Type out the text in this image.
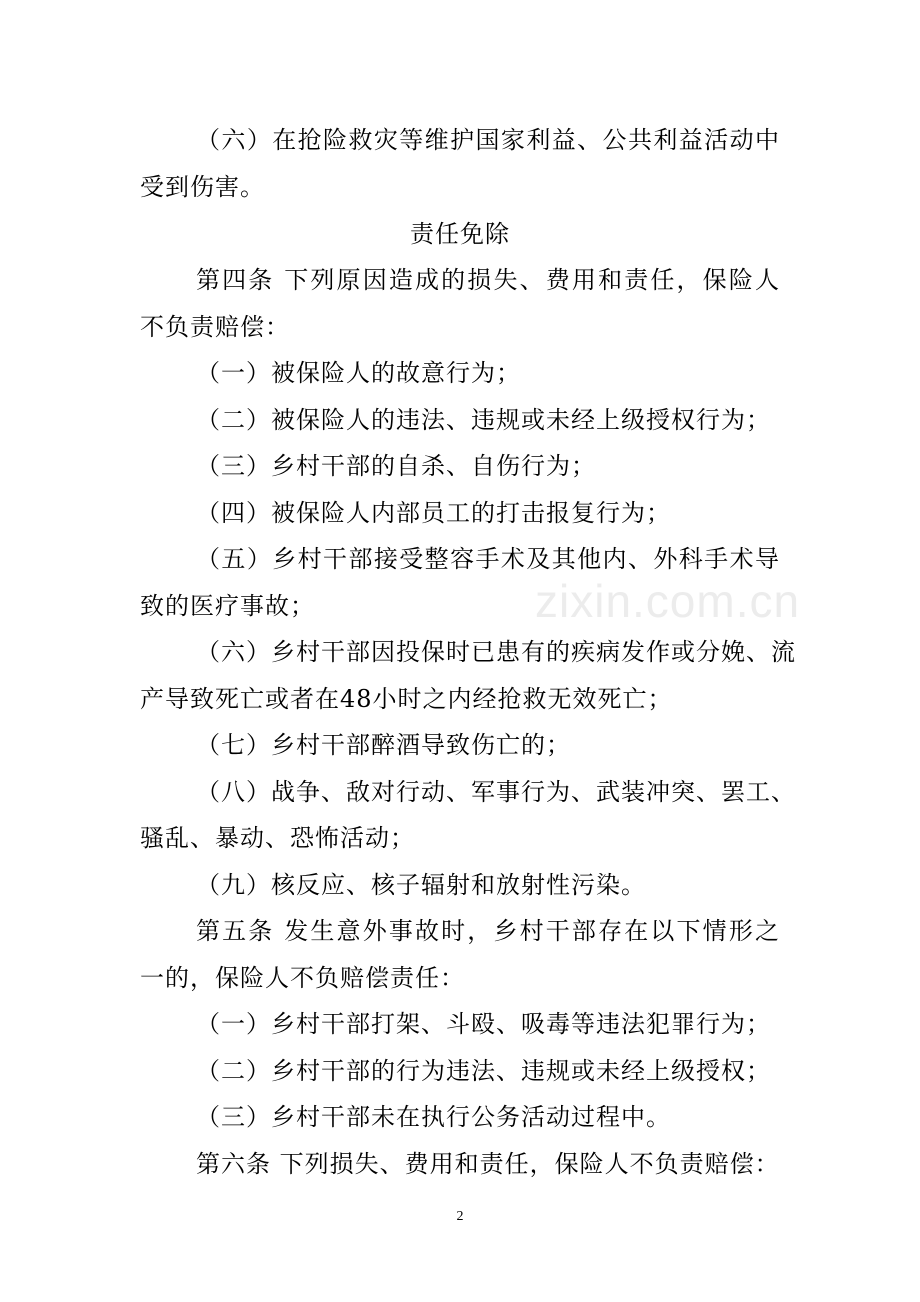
zixin.com.cn
（六）在抢险救灾等维护国家利益、公共利益活动中
受到伤害。
责任免除
第四条 下列原因造成的损失、费用和责任，保险人
不负责赔偿：
（一）被保险人的故意行为；
（二）被保险人的违法、违规或未经上级授权行为；
（三）乡村干部的自杀、自伤行为；
（四）被保险人内部员工的打击报复行为；
（五）乡村干部接受整容手术及其他内、外科手术导
致的医疗事故；
（六）乡村干部因投保时已患有的疾病发作或分娩、流
产导致死亡或者在48小时之内经抢救无效死亡；
（七）乡村干部醉酒导致伤亡的；
（八）战争、敌对行动、军事行为、武装冲突、罢工、
骚乱、暴动、恐怖活动；
（九）核反应、核子辐射和放射性污染。
第五条 发生意外事故时，乡村干部存在以下情形之
一的，保险人不负赔偿责任：
（一）乡村干部打架、斗殴、吸毒等违法犯罪行为；
（二）乡村干部的行为违法、违规或未经上级授权；
（三）乡村干部未在执行公务活动过程中。
第六条 下列损失、费用和责任，保险人不负责赔偿：
2
